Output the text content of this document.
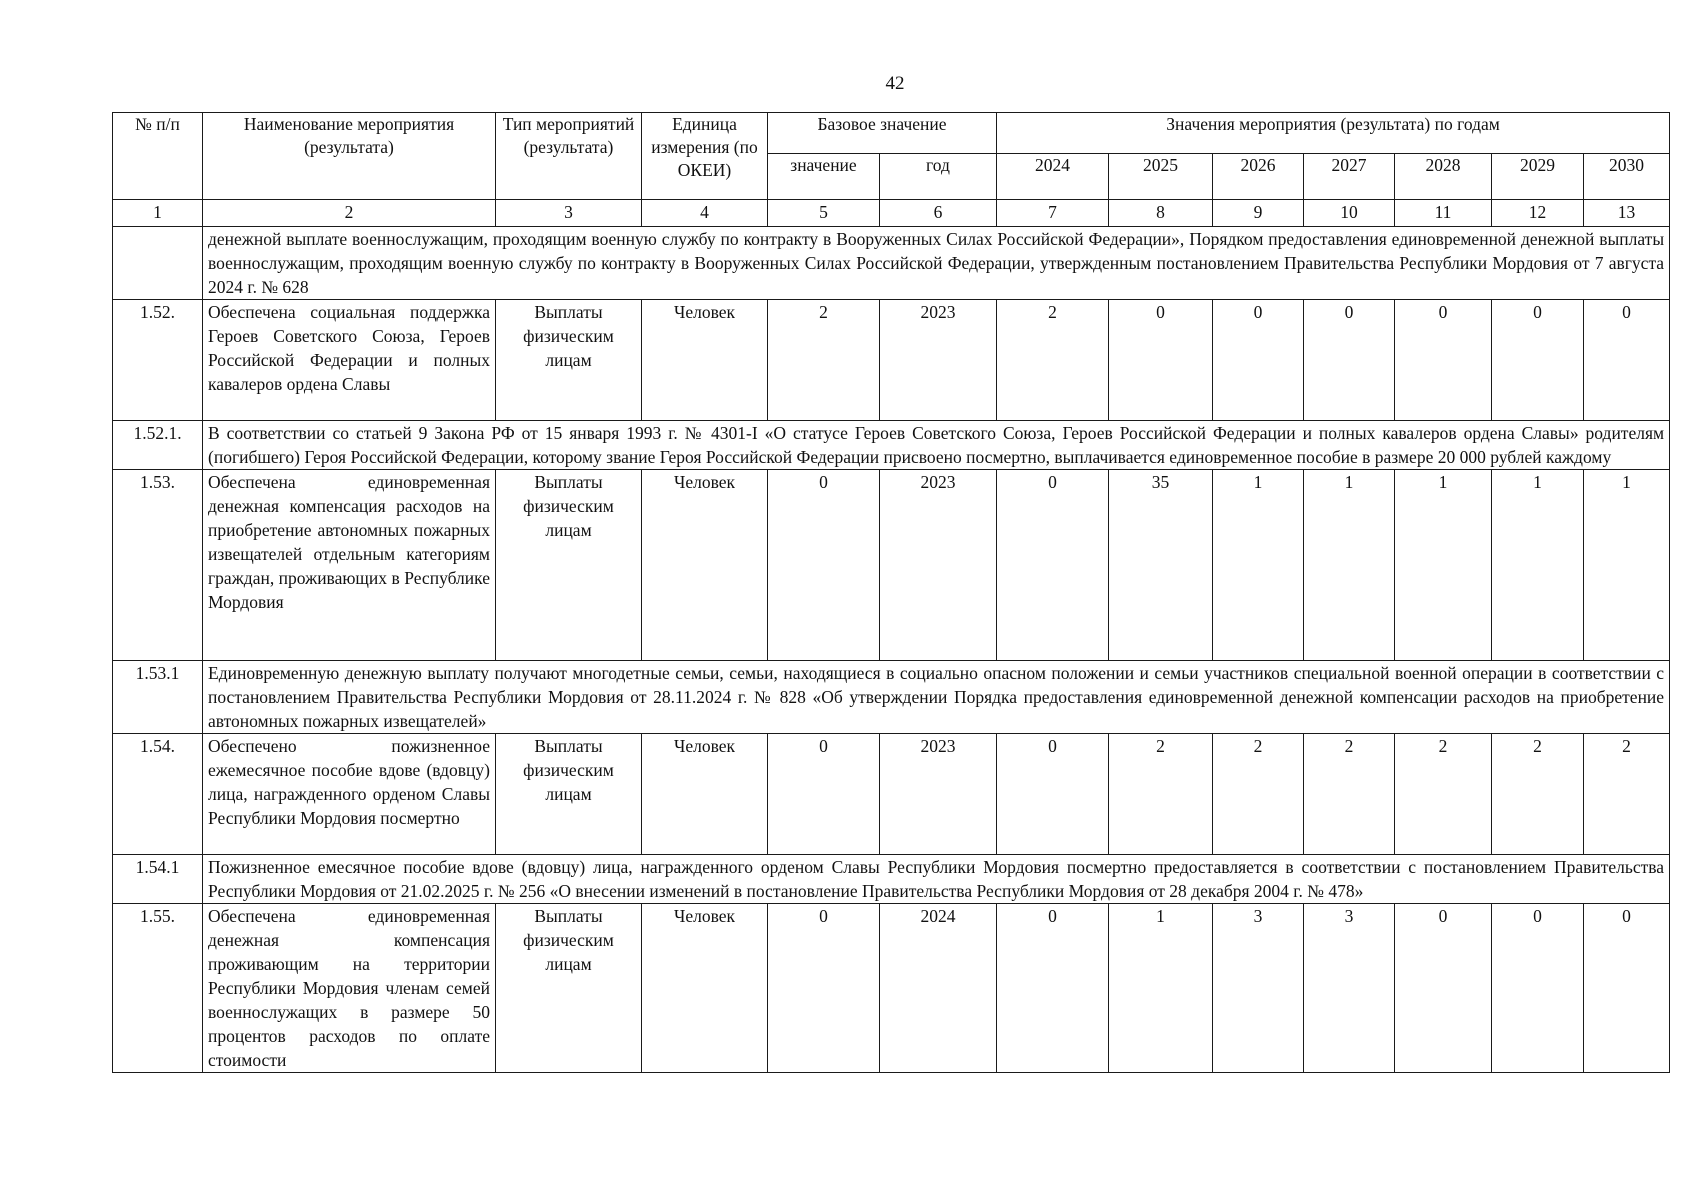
42
№ п/п	Наименование мероприятия (результата)	Тип мероприятий (результата)	Единица измерения (по ОКЕИ)	Базовое значение		Значения мероприятия (результата) по годам						
				значение	год	2024	2025	2026	2027	2028	2029	2030
1	2	3	4	5	6	7	8	9	10	11	12	13
	денежной выплате военнослужащим, проходящим военную службу по контракту в Вооруженных Силах Российской Федерации», Порядком предоставления единовременной денежной выплаты военнослужащим, проходящим военную службу по контракту в Вооруженных Силах Российской Федерации, утвержденным постановлением Правительства Республики Мордовия от 7 августа 2024 г. № 628											
1.52.	Обеспечена социальная поддержка Героев Советского Союза, Героев Российской Федерации и полных кавалеров ордена Славы	Выплаты физическим лицам	Человек	2	2023	2	0	0	0	0	0	0
1.52.1.	В соответствии со статьей 9 Закона РФ от 15 января 1993 г. № 4301-I «О статусе Героев Советского Союза, Героев Российской Федерации и полных кавалеров ордена Славы» родителям (погибшего) Героя Российской Федерации, которому звание Героя Российской Федерации присвоено посмертно, выплачивается единовременное пособие в размере 20 000 рублей каждому											
1.53.	Обеспечена единовременная денежная компенсация расходов на приобретение автономных пожарных извещателей отдельным категориям граждан, проживающих в Республике Мордовия	Выплаты физическим лицам	Человек	0	2023	0	35	1	1	1	1	1
1.53.1	Единовременную денежную выплату получают многодетные семьи, семьи, находящиеся в социально опасном положении и семьи участников специальной военной операции в соответствии с постановлением Правительства Республики Мордовия от 28.11.2024 г. № 828 «Об утверждении Порядка предоставления единовременной денежной компенсации расходов на приобретение автономных пожарных извещателей»											
1.54.	Обеспечено пожизненное ежемесячное пособие вдове (вдовцу) лица, награжденного орденом Славы Республики Мордовия посмертно	Выплаты физическим лицам	Человек	0	2023	0	2	2	2	2	2	2
1.54.1	Пожизненное емесячное пособие вдове (вдовцу) лица, награжденного орденом Славы Республики Мордовия посмертно предоставляется в соответствии с постановлением Правительства Республики Мордовия от 21.02.2025 г. № 256 «О внесении изменений в постановление Правительства Республики Мордовия от 28 декабря 2004 г. № 478»											
1.55.	Обеспечена единовременная денежная компенсация проживающим на территории Республики Мордовия членам семей военнослужащих в размере 50 процентов расходов по оплате стоимости	Выплаты физическим лицам	Человек	0	2024	0	1	3	3	0	0	0
